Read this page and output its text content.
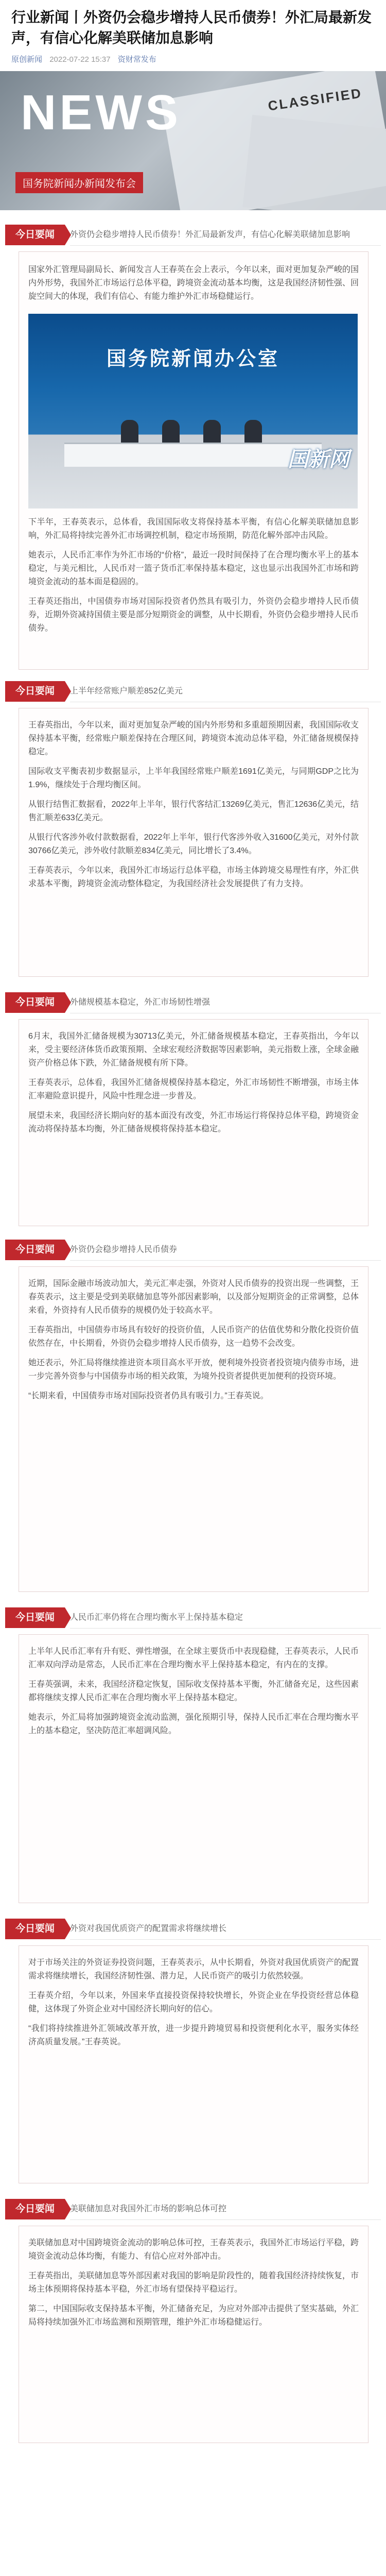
行业新闻丨外资仍会稳步增持人民币债券！外汇局最新发声，有信心化解美联储加息影响
原创新闻 2022-07-22 15:37 资财常发布
NEWS	CLASSIFIED
国务院新闻办新闻发布会
今日要闻	外资仍会稳步增持人民币债券！外汇局最新发声，有信心化解美联储加息影响

国家外汇管理局副局长、新闻发言人王春英在会上表示，今年以来，面对更加复杂严峻的国内外形势，我国外汇市场运行总体平稳，跨境资金流动基本均衡，这是我国经济韧性强、回旋空间大的体现，我们有信心、有能力维护外汇市场稳健运行。

国务院新闻办公室
国新网

下半年，王春英表示，总体看，我国国际收支将保持基本平衡，有信心化解美联储加息影响，外汇局将持续完善外汇市场调控机制，稳定市场预期，防范化解外部冲击风险。

她表示，人民币汇率作为外汇市场的“价格”，最近一段时间保持了在合理均衡水平上的基本稳定，与美元相比，人民币对一篮子货币汇率保持基本稳定，这也显示出我国外汇市场和跨境资金流动的基本面是稳固的。

王春英还指出，中国债券市场对国际投资者仍然具有吸引力，外资仍会稳步增持人民币债券，近期外资减持国债主要是部分短期资金的调整，从中长期看，外资仍会稳步增持人民币债券。

今日要闻	上半年经常账户顺差852亿美元

王春英指出，今年以来，面对更加复杂严峻的国内外形势和多重超预期因素，我国国际收支保持基本平衡，经常账户顺差保持在合理区间，跨境资本流动总体平稳，外汇储备规模保持稳定。

国际收支平衡表初步数据显示，上半年我国经常账户顺差1691亿美元，与同期GDP之比为1.9%，继续处于合理均衡区间。

从银行结售汇数据看，2022年上半年，银行代客结汇13269亿美元，售汇12636亿美元，结售汇顺差633亿美元。

从银行代客涉外收付款数据看，2022年上半年，银行代客涉外收入31600亿美元，对外付款30766亿美元，涉外收付款顺差834亿美元，同比增长了3.4%。

王春英表示，今年以来，我国外汇市场运行总体平稳，市场主体跨境交易理性有序，外汇供求基本平衡，跨境资金流动整体稳定，为我国经济社会发展提供了有力支持。

今日要闻	外储规模基本稳定，外汇市场韧性增强

6月末，我国外汇储备规模为30713亿美元，外汇储备规模基本稳定，王春英指出，今年以来，受主要经济体货币政策预期、全球宏观经济数据等因素影响，美元指数上涨，全球金融资产价格总体下跌，外汇储备规模有所下降。

王春英表示，总体看，我国外汇储备规模保持基本稳定，外汇市场韧性不断增强，市场主体汇率避险意识提升，风险中性理念进一步普及。

展望未来，我国经济长期向好的基本面没有改变，外汇市场运行将保持总体平稳，跨境资金流动将保持基本均衡，外汇储备规模将保持基本稳定。

今日要闻	外资仍会稳步增持人民币债券

近期，国际金融市场波动加大，美元汇率走强，外资对人民币债券的投资出现一些调整，王春英表示，这主要是受到美联储加息等外部因素影响，以及部分短期资金的正常调整，总体来看，外资持有人民币债券的规模仍处于较高水平。

王春英指出，中国债券市场具有较好的投资价值，人民币资产的估值优势和分散化投资价值依然存在，中长期看，外资仍会稳步增持人民币债券，这一趋势不会改变。

她还表示，外汇局将继续推进资本项目高水平开放，便利境外投资者投资境内债券市场，进一步完善外资参与中国债券市场的相关政策，为境外投资者提供更加便利的投资环境。

“长期来看，中国债券市场对国际投资者仍具有吸引力。”王春英说。

今日要闻	人民币汇率仍将在合理均衡水平上保持基本稳定

上半年人民币汇率有升有贬、弹性增强，在全球主要货币中表现稳健，王春英表示，人民币汇率双向浮动是常态，人民币汇率在合理均衡水平上保持基本稳定，有内在的支撑。

王春英强调，未来，我国经济稳定恢复，国际收支保持基本平衡，外汇储备充足，这些因素都将继续支撑人民币汇率在合理均衡水平上保持基本稳定。

她表示，外汇局将加强跨境资金流动监测，强化预期引导，保持人民币汇率在合理均衡水平上的基本稳定，坚决防范汇率超调风险。

今日要闻	外资对我国优质资产的配置需求将继续增长

对于市场关注的外资证券投资问题，王春英表示，从中长期看，外资对我国优质资产的配置需求将继续增长，我国经济韧性强、潜力足，人民币资产的吸引力依然较强。

王春英介绍，今年以来，外国来华直接投资保持较快增长，外资企业在华投资经营总体稳健，这体现了外资企业对中国经济长期向好的信心。

“我们将持续推进外汇领域改革开放，进一步提升跨境贸易和投资便利化水平，服务实体经济高质量发展。”王春英说。

今日要闻	美联储加息对我国外汇市场的影响总体可控

美联储加息对中国跨境资金流动的影响总体可控，王春英表示，我国外汇市场运行平稳，跨境资金流动总体均衡，有能力、有信心应对外部冲击。

王春英指出，美联储加息等外部因素对我国的影响是阶段性的，随着我国经济持续恢复，市场主体预期将保持基本平稳，外汇市场有望保持平稳运行。

第二，中国国际收支保持基本平衡，外汇储备充足，为应对外部冲击提供了坚实基础，外汇局将持续加强外汇市场监测和预期管理，维护外汇市场稳健运行。
